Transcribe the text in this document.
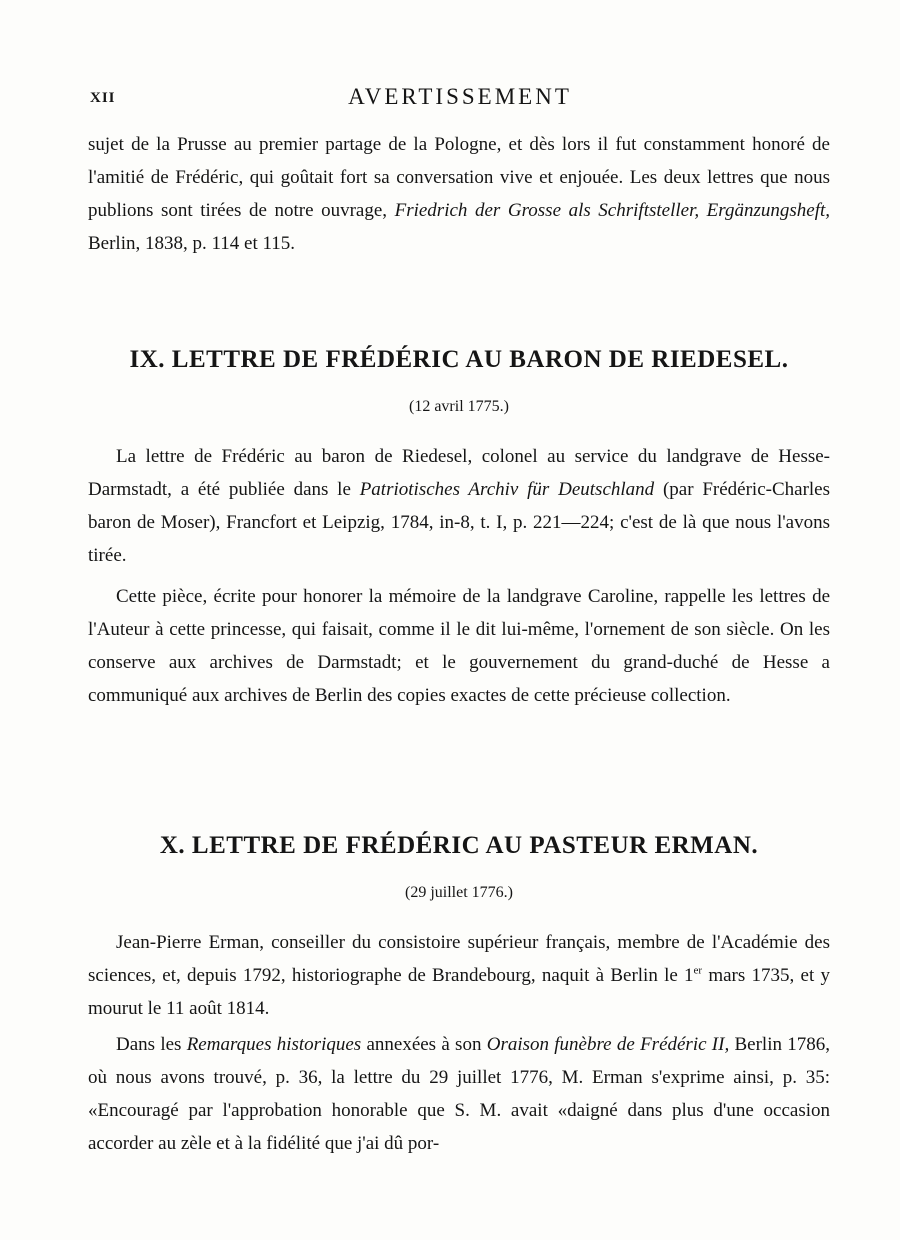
XII	AVERTISSEMENT

sujet de la Prusse au premier partage de la Pologne, et dès lors il fut constamment honoré de l'amitié de Frédéric, qui goûtait fort sa conversation vive et enjouée. Les deux lettres que nous publions sont tirées de notre ouvrage, Friedrich der Grosse als Schriftsteller, Ergänzungsheft, Berlin, 1838, p. 114 et 115.

IX. LETTRE DE FRÉDÉRIC AU BARON DE RIEDESEL.

(12 avril 1775.)

La lettre de Frédéric au baron de Riedesel, colonel au service du landgrave de Hesse-Darmstadt, a été publiée dans le Patriotisches Archiv für Deutschland (par Frédéric-Charles baron de Moser), Francfort et Leipzig, 1784, in-8, t. I, p. 221—224; c'est de là que nous l'avons tirée.

Cette pièce, écrite pour honorer la mémoire de la landgrave Caroline, rappelle les lettres de l'Auteur à cette princesse, qui faisait, comme il le dit lui-même, l'ornement de son siècle. On les conserve aux archives de Darmstadt; et le gouvernement du grand-duché de Hesse a communiqué aux archives de Berlin des copies exactes de cette précieuse collection.

X. LETTRE DE FRÉDÉRIC AU PASTEUR ERMAN.

(29 juillet 1776.)

Jean-Pierre Erman, conseiller du consistoire supérieur français, membre de l'Académie des sciences, et, depuis 1792, historiographe de Brandebourg, naquit à Berlin le 1er mars 1735, et y mourut le 11 août 1814.

Dans les Remarques historiques annexées à son Oraison funèbre de Frédéric II, Berlin 1786, où nous avons trouvé, p. 36, la lettre du 29 juillet 1776, M. Erman s'exprime ainsi, p. 35: «Encouragé par l'approbation honorable que S. M. avait «daigné dans plus d'une occasion accorder au zèle et à la fidélité que j'ai dû por-
